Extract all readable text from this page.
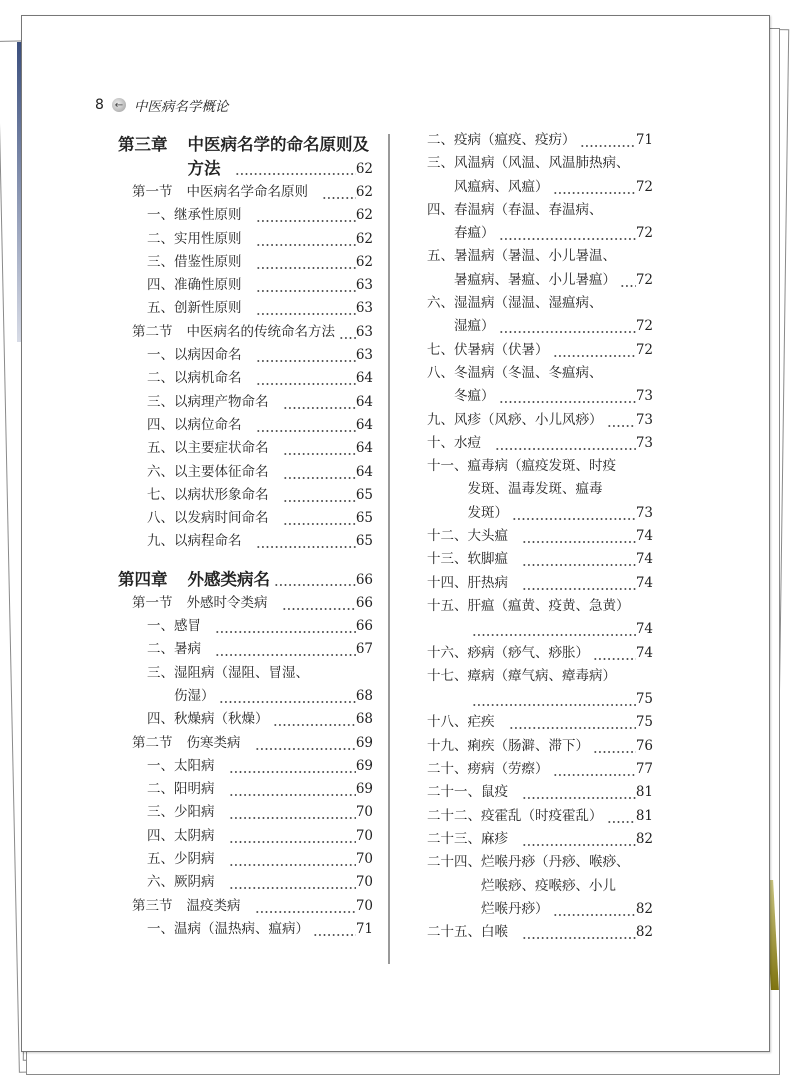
8 ← 中医病名学概论
第三章 中医病名学的命名原则及
方法	62
第一节 中医病名学命名原则	62
一、 继承性原则	62
二、 实用性原则	62
三、 借鉴性原则	62
四、 准确性原则	63
五、 创新性原则	63
第二节 中医病名的传统命名方法 63
一、 以病因命名	63
二、 以病机命名	64
三、 以病理产物命名	64
四、 以病位命名	64
五、 以主要症状命名	64
六、 以主要体征命名	64
七、 以病状形象命名	65
八、 以发病时间命名	65
九、 以病程命名	65
第四章 外感类病名	66
第一节 外感时令类病	66
一、 感冒	66
二、 暑病	67
三、 湿阻病（湿阻、冒湿、
伤湿）	68
四、 秋燥病（秋燥）	68
第二节 伤寒类病	69
一、 太阳病	69
二、 阳明病	69
三、 少阳病	70
四、 太阴病	70
五、 少阴病	70
六、 厥阴病	70
第三节 温疫类病	70
一、 温病（温热病、瘟病）	71
二、 疫病（瘟疫、疫疠）	71
三、 风温病（风温、风温肺热病、
风瘟病、风瘟）	72
四、 春温病（春温、春温病、
春瘟）	72
五、 暑温病（暑温、小儿暑温、
暑瘟病、暑瘟、小儿暑瘟） 72
六、 湿温病（湿温、湿瘟病、
湿瘟）	72
七、 伏暑病（伏暑）	72
八、 冬温病（冬温、冬瘟病、
冬瘟）	73
九、 风疹（风痧、小儿风痧） 73
十、 水痘	73
十一、 瘟毒病（瘟疫发斑、时疫
发斑、温毒发斑、瘟毒
发斑）	73
十二、 大头瘟	74
十三、 软脚瘟	74
十四、 肝热病	74
十五、 肝瘟（瘟黄、疫黄、急黄）
74
十六、 痧病（痧气、痧胀）	74
十七、 瘴病（瘴气病、瘴毒病）
75
十八、 疟疾	75
十九、 痢疾（肠澼、滞下）	76
二十、 痨病（劳瘵）	77
二十一、 鼠疫	81
二十二、 疫霍乱（时疫霍乱） 81
二十三、 麻疹	82
二十四、 烂喉丹痧（丹痧、喉痧、
烂喉痧、疫喉痧、小儿
烂喉丹痧）	82
二十五、 白喉	82
